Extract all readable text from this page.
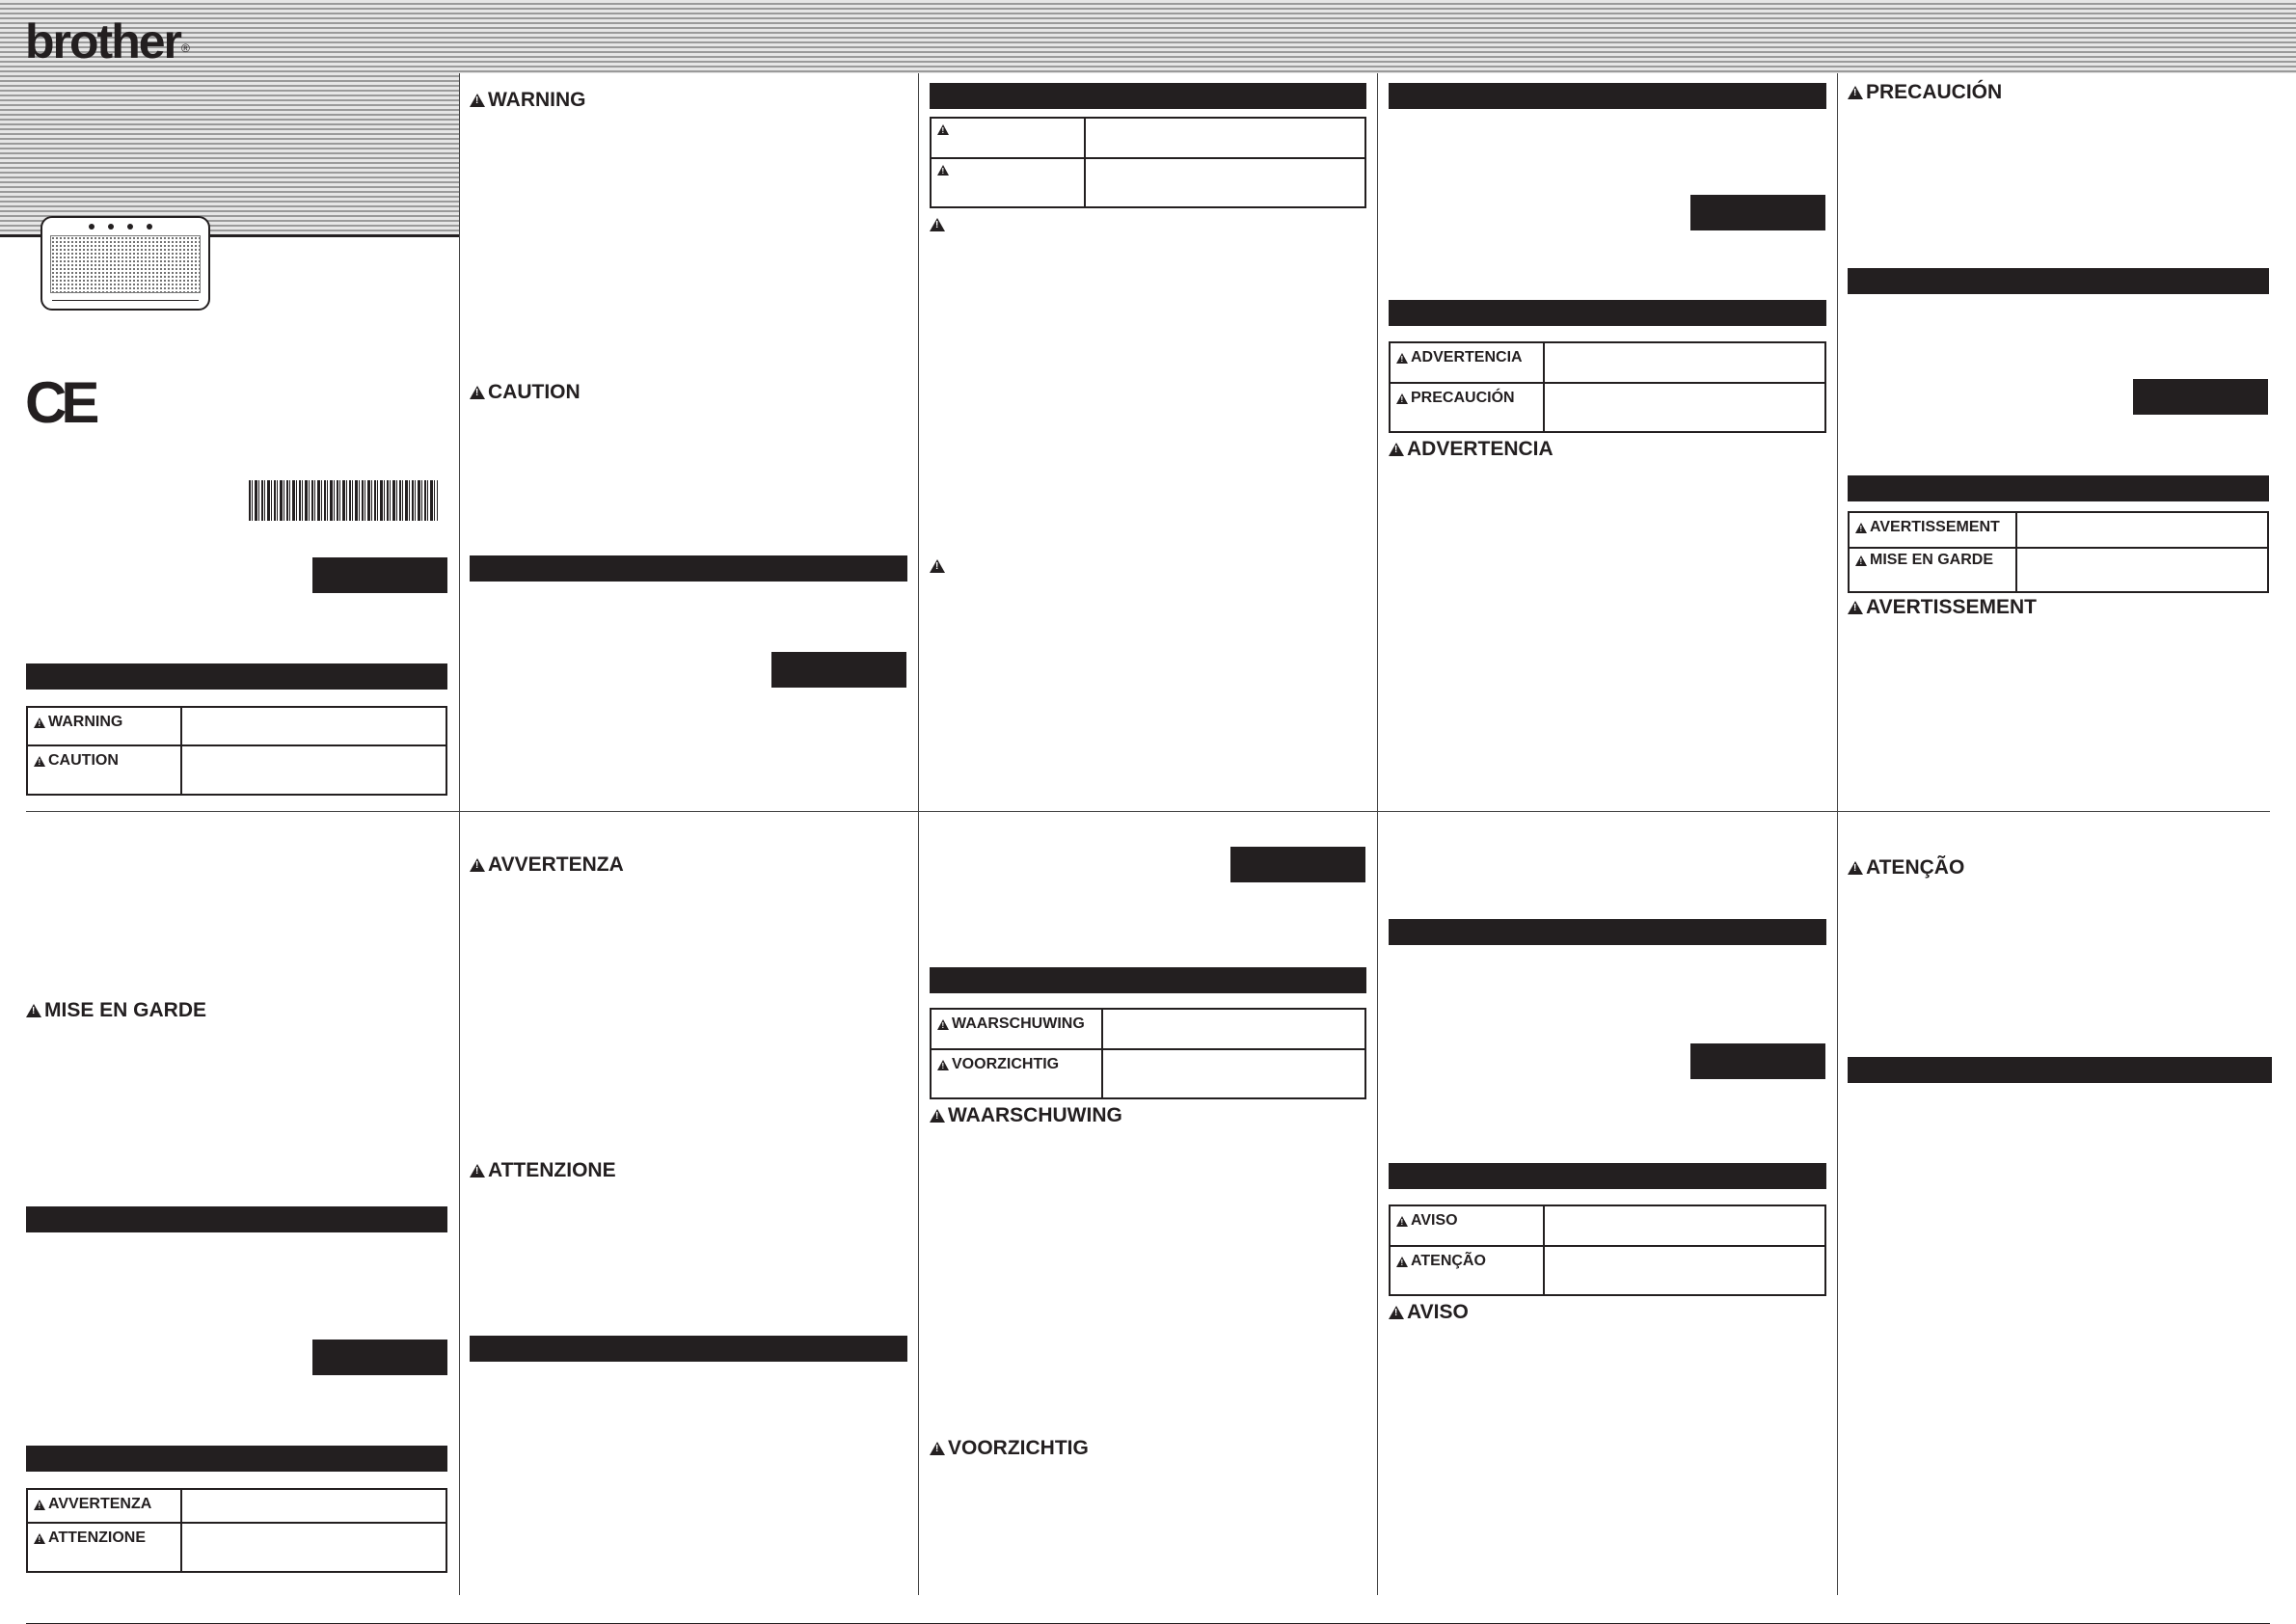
brother®
CE
!
WARNING
!
CAUTION
!
MISE EN GARDE
!
AVVERTENZA
!
ATTENZIONE
!
WARNING
!
CAUTION
!
AVVERTENZA
!
ATTENZIONE
!
!
!
!
!
WAARSCHUWING
!
VOORZICHTIG
!
WAARSCHUWING
!
VOORZICHTIG
!
ADVERTENCIA
!
PRECAUCIÓN
!
ADVERTENCIA
!
AVISO
!
ATENÇÃO
!
AVISO
!
PRECAUCIÓN
!
AVERTISSEMENT
!
MISE EN GARDE
!
AVERTISSEMENT
!
ATENÇÃO
